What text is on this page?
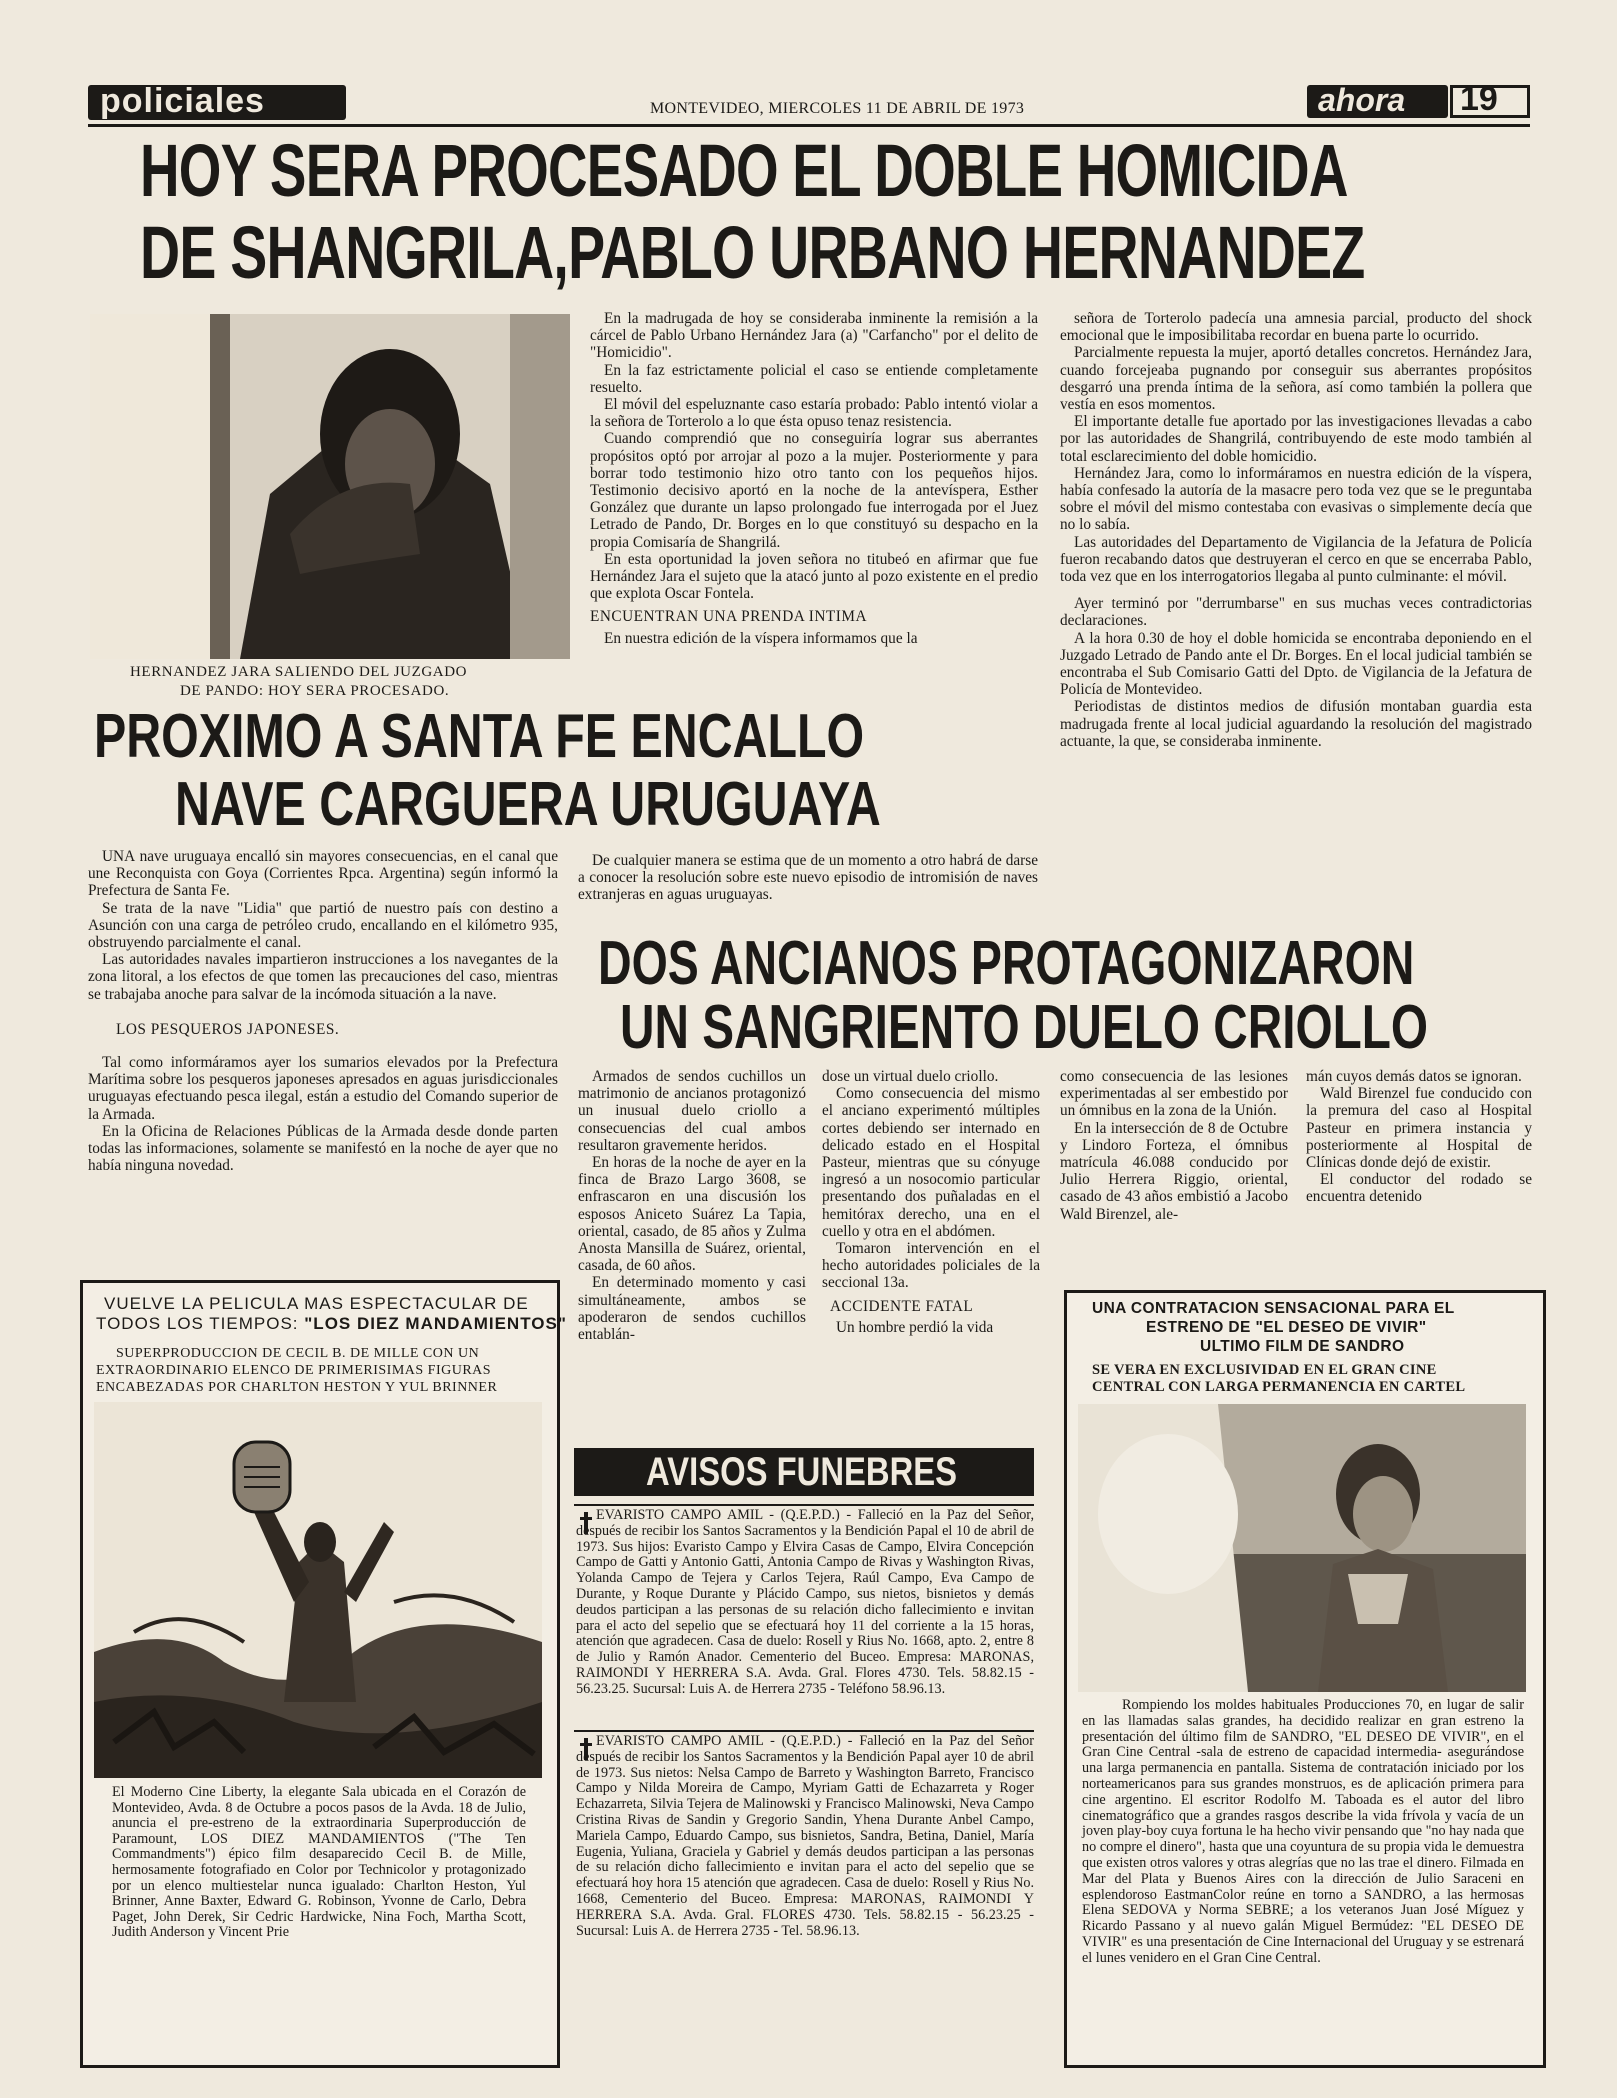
policiales	MONTEVIDEO, MIERCOLES 11 DE ABRIL DE 1973	ahora 19
HOY SERA PROCESADO EL DOBLE HOMICIDA
DE SHANGRILA,PABLO URBANO HERNANDEZ
HERNANDEZ JARA SALIENDO DEL JUZGADO
DE PANDO: HOY SERA PROCESADO.

En la madrugada de hoy se consideraba inminente la remisión a la cárcel de Pablo Urbano Hernández Jara (a) "Carfancho" por el delito de "Homicidio".

En la faz estrictamente policial el caso se entiende completamente resuelto.

El móvil del espeluznante caso estaría probado: Pablo intentó violar a la señora de Torterolo a lo que ésta opuso tenaz resistencia.

Cuando comprendió que no conseguiría lograr sus aberrantes propósitos optó por arrojar al pozo a la mujer. Posteriormente y para borrar todo testimonio hizo otro tanto con los pequeños hijos. Testimonio decisivo aportó en la noche de la antevíspera, Esther González que durante un lapso prolongado fue interrogada por el Juez Letrado de Pando, Dr. Borges en lo que constituyó su despacho en la propia Comisaría de Shangrilá.

En esta oportunidad la joven señora no titubeó en afirmar que fue Hernández Jara el sujeto que la atacó junto al pozo existente en el predio que explota Oscar Fontela.

ENCUENTRAN UNA PRENDA INTIMA

En nuestra edición de la víspera informamos que la

señora de Torterolo padecía una amnesia parcial, producto del shock emocional que le imposibilitaba recordar en buena parte lo ocurrido.

Parcialmente repuesta la mujer, aportó detalles concretos. Hernández Jara, cuando forcejeaba pugnando por conseguir sus aberrantes propósitos desgarró una prenda íntima de la señora, así como también la pollera que vestía en esos momentos.

El importante detalle fue aportado por las investigaciones llevadas a cabo por las autoridades de Shangrilá, contribuyendo de este modo también al total esclarecimiento del doble homicidio.

Hernández Jara, como lo informáramos en nuestra edición de la víspera, había confesado la autoría de la masacre pero toda vez que se le preguntaba sobre el móvil del mismo contestaba con evasivas o simplemente decía que no lo sabía.

Las autoridades del Departamento de Vigilancia de la Jefatura de Policía fueron recabando datos que destruyeran el cerco en que se encerraba Pablo, toda vez que en los interrogatorios llegaba al punto culminante: el móvil.

Ayer terminó por "derrumbarse" en sus muchas veces contradictorias declaraciones.

A la hora 0.30 de hoy el doble homicida se encontraba deponiendo en el Juzgado Letrado de Pando ante el Dr. Borges. En el local judicial también se encontraba el Sub Comisario Gatti del Dpto. de Vigilancia de la Jefatura de Policía de Montevideo.

Periodistas de distintos medios de difusión montaban guardia esta madrugada frente al local judicial aguardando la resolución del magistrado actuante, la que, se consideraba inminente.

PROXIMO A SANTA FE ENCALLO
NAVE CARGUERA URUGUAYA

UNA nave uruguaya encalló sin mayores consecuencias, en el canal que une Reconquista con Goya (Corrientes Rpca. Argentina) según informó la Prefectura de Santa Fe.

Se trata de la nave "Lidia" que partió de nuestro país con destino a Asunción con una carga de petróleo crudo, encallando en el kilómetro 935, obstruyendo parcialmente el canal.

Las autoridades navales impartieron instrucciones a los navegantes de la zona litoral, a los efectos de que tomen las precauciones del caso, mientras se trabajaba anoche para salvar de la incómoda situación a la nave.

LOS PESQUEROS JAPONESES.

Tal como informáramos ayer los sumarios elevados por la Prefectura Marítima sobre los pesqueros japoneses apresados en aguas jurisdiccionales uruguayas efectuando pesca ilegal, están a estudio del Comando superior de la Armada.

En la Oficina de Relaciones Públicas de la Armada desde donde parten todas las informaciones, solamente se manifestó en la noche de ayer que no había ninguna novedad.

De cualquier manera se estima que de un momento a otro habrá de darse a conocer la resolución sobre este nuevo episodio de intromisión de naves extranjeras en aguas uruguayas.

DOS ANCIANOS PROTAGONIZARON
UN SANGRIENTO DUELO CRIOLLO

Armados de sendos cuchillos un matrimonio de ancianos protagonizó un inusual duelo criollo a consecuencias del cual ambos resultaron gravemente heridos.

En horas de la noche de ayer en la finca de Brazo Largo 3608, se enfrascaron en una discusión los esposos Aniceto Suárez La Tapia, oriental, casado, de 85 años y Zulma Anosta Mansilla de Suárez, oriental, casada, de 60 años.

En determinado momento y casi simultáneamente, ambos se apoderaron de sendos cuchillos entablán-

dose un virtual duelo criollo.

Como consecuencia del mismo el anciano experimentó múltiples cortes debiendo ser internado en delicado estado en el Hospital Pasteur, mientras que su cónyuge ingresó a un nosocomio particular presentando dos puñaladas en el hemitórax derecho, una en el cuello y otra en el abdómen.

Tomaron intervención en el hecho autoridades policiales de la seccional 13a.

ACCIDENTE FATAL

Un hombre perdió la vida

como consecuencia de las lesiones experimentadas al ser embestido por un ómnibus en la zona de la Unión.

En la intersección de 8 de Octubre y Lindoro Forteza, el ómnibus matrícula 46.088 conducido por Julio Herrera Riggio, oriental, casado de 43 años embistió a Jacobo Wald Birenzel, ale-

mán cuyos demás datos se ignoran.

Wald Birenzel fue conducido con la premura del caso al Hospital Pasteur en primera instancia y posteriormente al Hospital de Clínicas donde dejó de existir.

El conductor del rodado se encuentra detenido

VUELVE LA PELICULA MAS ESPECTACULAR DE
TODOS LOS TIEMPOS: "LOS DIEZ MANDAMIENTOS"
SUPERPRODUCCION DE CECIL B. DE MILLE CON UN
EXTRAORDINARIO ELENCO DE PRIMERISIMAS FIGURAS
ENCABEZADAS POR CHARLTON HESTON Y YUL BRINNER
El Moderno Cine Liberty, la elegante Sala ubicada en el Corazón de Montevideo, Avda. 8 de Octubre a pocos pasos de la Avda. 18 de Julio, anuncia el pre-estreno de la extraordinaria Superproducción de Paramount, LOS DIEZ MANDAMIENTOS ("The Ten Commandments") épico film desaparecido Cecil B. de Mille, hermosamente fotografiado en Color por Technicolor y protagonizado por un elenco multiestelar nunca igualado: Charlton Heston, Yul Brinner, Anne Baxter, Edward G. Robinson, Yvonne de Carlo, Debra Paget, John Derek, Sir Cedric Hardwicke, Nina Foch, Martha Scott, Judith Anderson y Vincent Prie
AVISOS FUNEBRES
EVARISTO CAMPO AMIL - (Q.E.P.D.) - Falleció en la Paz del Señor, después de recibir los Santos Sacramentos y la Bendición Papal el 10 de abril de 1973. Sus hijos: Evaristo Campo y Elvira Casas de Campo, Elvira Concepción Campo de Gatti y Antonio Gatti, Antonia Campo de Rivas y Washington Rivas, Yolanda Campo de Tejera y Carlos Tejera, Raúl Campo, Eva Campo de Durante, y Roque Durante y Plácido Campo, sus nietos, bisnietos y demás deudos participan a las personas de su relación dicho fallecimiento e invitan para el acto del sepelio que se efectuará hoy 11 del corriente a la 15 horas, atención que agradecen. Casa de duelo: Rosell y Rius No. 1668, apto. 2, entre 8 de Julio y Ramón Anador. Cementerio del Buceo. Empresa: MARONAS, RAIMONDI Y HERRERA S.A. Avda. Gral. Flores 4730. Tels. 58.82.15 - 56.23.25. Sucursal: Luis A. de Herrera 2735 - Teléfono 58.96.13.
EVARISTO CAMPO AMIL - (Q.E.P.D.) - Falleció en la Paz del Señor después de recibir los Santos Sacramentos y la Bendición Papal ayer 10 de abril de 1973. Sus nietos: Nelsa Campo de Barreto y Washington Barreto, Francisco Campo y Nilda Moreira de Campo, Myriam Gatti de Echazarreta y Roger Echazarreta, Silvia Tejera de Malinowski y Francisco Malinowski, Neva Campo Cristina Rivas de Sandin y Gregorio Sandin, Yhena Durante Anbel Campo, Mariela Campo, Eduardo Campo, sus bisnietos, Sandra, Betina, Daniel, María Eugenia, Yuliana, Graciela y Gabriel y demás deudos participan a las personas de su relación dicho fallecimiento e invitan para el acto del sepelio que se efectuará hoy hora 15 atención que agradecen. Casa de duelo: Rosell y Rius No. 1668, Cementerio del Buceo. Empresa: MARONAS, RAIMONDI Y HERRERA S.A. Avda. Gral. FLORES 4730. Tels. 58.82.15 - 56.23.25 - Sucursal: Luis A. de Herrera 2735 - Tel. 58.96.13.
UNA CONTRATACION SENSACIONAL PARA EL
ESTRENO DE "EL DESEO DE VIVIR"
ULTIMO FILM DE SANDRO
SE VERA EN EXCLUSIVIDAD EN EL GRAN CINE CENTRAL CON LARGA PERMANENCIA EN CARTEL
Rompiendo los moldes habituales Producciones 70, en lugar de salir en las llamadas salas grandes, ha decidido realizar en gran estreno la presentación del último film de SANDRO, "EL DESEO DE VIVIR", en el Gran Cine Central -sala de estreno de capacidad intermedia- asegurándose una larga permanencia en pantalla. Sistema de contratación iniciado por los norteamericanos para sus grandes monstruos, es de aplicación primera para cine argentino. El escritor Rodolfo M. Taboada es el autor del libro cinematográfico que a grandes rasgos describe la vida frívola y vacía de un joven play-boy cuya fortuna le ha hecho vivir pensando que "no hay nada que no compre el dinero", hasta que una coyuntura de su propia vida le demuestra que existen otros valores y otras alegrías que no las trae el dinero. Filmada en Mar del Plata y Buenos Aires con la dirección de Julio Saraceni en esplendoroso EastmanColor reúne en torno a SANDRO, a las hermosas Elena SEDOVA y Norma SEBRE; a los veteranos Juan José Míguez y Ricardo Passano y al nuevo galán Miguel Bermúdez: "EL DESEO DE VIVIR" es una presentación de Cine Internacional del Uruguay y se estrenará el lunes venidero en el Gran Cine Central.
